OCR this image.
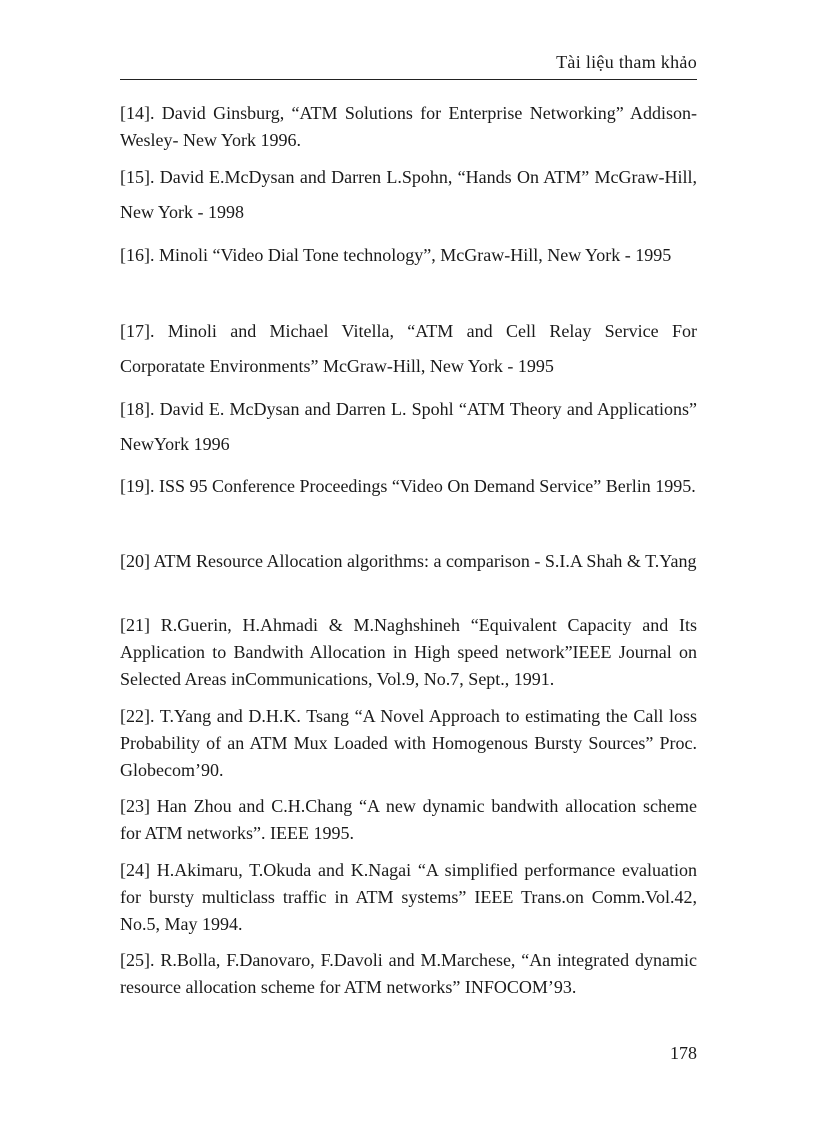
Tài liệu tham khảo

[14]. David Ginsburg, “ATM Solutions for Enterprise Networking” Addison- Wesley- New York 1996.

[15]. David E.McDysan and Darren L.Spohn, “Hands On ATM” McGraw-Hill, New York - 1998

[16]. Minoli “Video Dial Tone technology”, McGraw-Hill, New York - 1995

[17]. Minoli and Michael Vitella, “ATM and Cell Relay Service For Corporatate Environments” McGraw-Hill, New York - 1995

[18]. David E. McDysan and Darren L. Spohl “ATM Theory and Applications” NewYork 1996

[19]. ISS 95 Conference Proceedings “Video On Demand Service” Berlin 1995.

[20] ATM Resource Allocation algorithms: a comparison - S.I.A Shah & T.Yang

[21] R.Guerin, H.Ahmadi & M.Naghshineh “Equivalent Capacity and Its Application to Bandwith Allocation in High speed network”IEEE Journal on Selected Areas inCommunications, Vol.9, No.7, Sept., 1991.

[22]. T.Yang and D.H.K. Tsang “A Novel Approach to estimating the Call loss Probability of an ATM Mux Loaded with Homogenous Bursty Sources” Proc. Globecom’90.

[23] Han Zhou and C.H.Chang “A new dynamic bandwith allocation scheme for ATM networks”. IEEE 1995.

[24] H.Akimaru, T.Okuda and K.Nagai “A simplified performance evaluation for bursty multiclass traffic in ATM systems” IEEE Trans.on Comm.Vol.42, No.5, May 1994.

[25]. R.Bolla, F.Danovaro, F.Davoli and M.Marchese, “An integrated dynamic resource allocation scheme for ATM networks” INFOCOM’93.

178
